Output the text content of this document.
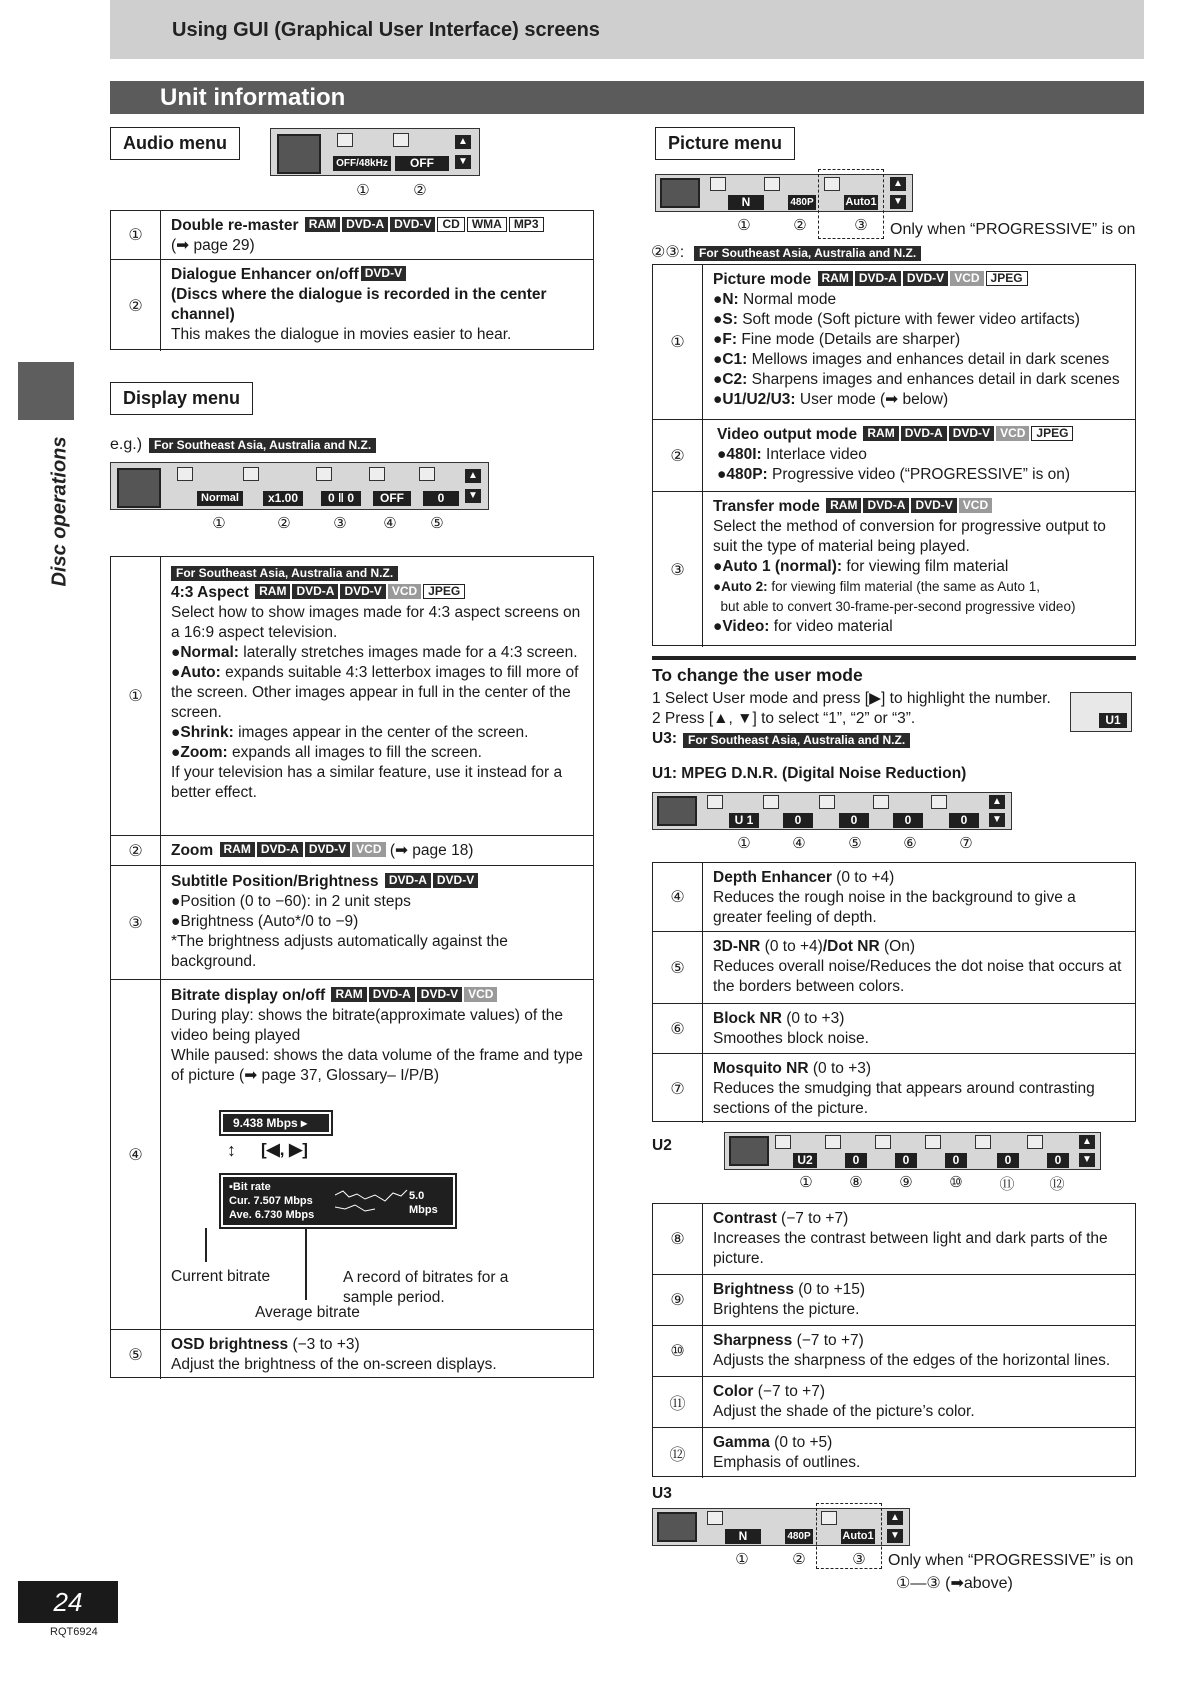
Using GUI (Graphical User Interface) screens
Unit information
Disc operations
Audio menu
OFF/48kHz	OFF
▲
▼
①	②
①
Double re-master RAM DVD-A DVD-V CD WMA MP3
(➡ page 29)
②
Dialogue Enhancer on/off DVD-V
(Discs where the dialogue is recorded in the center channel)
This makes the dialogue in movies easier to hear.
Display menu
e.g.) For Southeast Asia, Australia and N.Z.
Normal	x1.00	0 ‖ 0	OFF	0
▲
▼
①	②	③ ④ ⑤
①
For Southeast Asia, Australia and N.Z.
4:3 Aspect RAM DVD-A DVD-V VCD JPEG
Select how to show images made for 4:3 aspect screens on a 16:9 aspect television.
●Normal: laterally stretches images made for a 4:3 screen.
●Auto: expands suitable 4:3 letterbox images to fill more of the screen. Other images appear in full in the center of the screen.
●Shrink: images appear in the center of the screen.
●Zoom: expands all images to fill the screen.
If your television has a similar feature, use it instead for a better effect.
②	Zoom RAM DVD-A DVD-V VCD (➡ page 18)
③
Subtitle Position/Brightness DVD-A DVD-V
●Position (0 to −60): in 2 unit steps
●Brightness (Auto*/0 to −9)
*The brightness adjusts automatically against the background.
④
Bitrate display on/off RAM DVD-A DVD-V VCD
During play: shows the bitrate(approximate values) of the video being played
While paused: shows the data volume of the frame and type of picture (➡ page 37, Glossary– I/P/B)
9.438 Mbps ▸
↕ [◀, ▶]
▪Bit rate
Cur. 7.507 Mbps
Ave. 6.730 Mbps
5.0
Mbps
Current bitrate	A record of bitrates for a sample period.
Average bitrate
⑤
OSD brightness (−3 to +3)
Adjust the brightness of the on-screen displays.
Picture menu
N	480P	Auto1
▲
▼
①	②	③ Only when “PROGRESSIVE” is on
②③:	For Southeast Asia, Australia and N.Z.
①
Picture mode RAM DVD-A DVD-V VCD JPEG
●N: Normal mode
●S: Soft mode (Soft picture with fewer video artifacts)
●F: Fine mode (Details are sharper)
●C1: Mellows images and enhances detail in dark scenes
●C2: Sharpens images and enhances detail in dark scenes
●U1/U2/U3: User mode (➡ below)
②
Video output mode RAM DVD-A DVD-V VCD JPEG
●480I: Interlace video
●480P: Progressive video (“PROGRESSIVE” is on)
③
Transfer mode RAM DVD-A DVD-V VCD
Select the method of conversion for progressive output to suit the type of material being played.
●Auto 1 (normal): for viewing film material
●Auto 2: for viewing film material (the same as Auto 1,
but able to convert 30-frame-per-second progressive video)
●Video: for video material
To change the user mode
1 Select User mode and press [▶] to highlight the number.
2 Press [▲, ▼] to select “1”, “2” or “3”.
U3: For Southeast Asia, Australia and N.Z.
U1
U1: MPEG D.N.R. (Digital Noise Reduction)
U 1	0	0	0	0
▲
▼
①	④	⑤	⑥	⑦
④
Depth Enhancer (0 to +4)
Reduces the rough noise in the background to give a greater feeling of depth.
⑤
3D-NR (0 to +4)/Dot NR (On)
Reduces overall noise/Reduces the dot noise that occurs at the borders between colors.
⑥
Block NR (0 to +3)
Smoothes block noise.
⑦
Mosquito NR (0 to +3)
Reduces the smudging that appears around contrasting sections of the picture.
U2
U2	0	0	0	0	0
▲
▼
① ⑧ ⑨ ⑩ ⑪ ⑫
⑧
Contrast (−7 to +7)
Increases the contrast between light and dark parts of the picture.
⑨
Brightness (0 to +15)
Brightens the picture.
⑩
Sharpness (−7 to +7)
Adjusts the sharpness of the edges of the horizontal lines.
⑪
Color (−7 to +7)
Adjust the shade of the picture’s color.
⑫
Gamma (0 to +5)
Emphasis of outlines.
U3
N	480P	Auto1
▲
▼
①	②	③ Only when “PROGRESSIVE” is on
①—③ (➡above)
24
RQT6924
